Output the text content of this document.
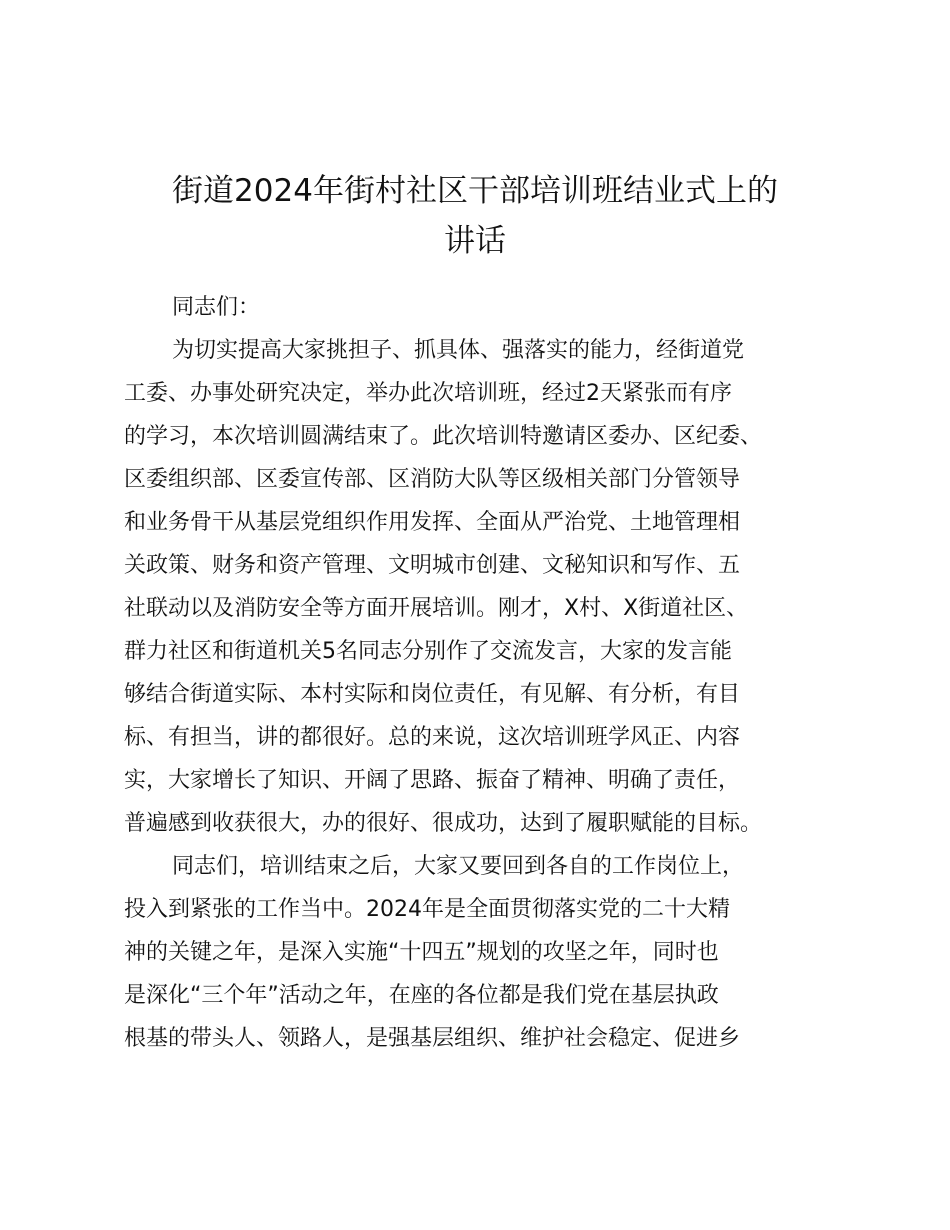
街道2024年街村社区干部培训班结业式上的
讲话
同志们：
为切实提高大家挑担子、抓具体、强落实的能力，经街道党
工委、办事处研究决定，举办此次培训班，经过2天紧张而有序
的学习，本次培训圆满结束了。此次培训特邀请区委办、区纪委、
区委组织部、区委宣传部、区消防大队等区级相关部门分管领导
和业务骨干从基层党组织作用发挥、全面从严治党、土地管理相
关政策、财务和资产管理、文明城市创建、文秘知识和写作、五
社联动以及消防安全等方面开展培训。刚才，X村、X街道社区、
群力社区和街道机关5名同志分别作了交流发言，大家的发言能
够结合街道实际、本村实际和岗位责任，有见解、有分析，有目
标、有担当，讲的都很好。总的来说，这次培训班学风正、内容
实，大家增长了知识、开阔了思路、振奋了精神、明确了责任，
普遍感到收获很大，办的很好、很成功，达到了履职赋能的目标。
同志们，培训结束之后，大家又要回到各自的工作岗位上，
投入到紧张的工作当中。2024年是全面贯彻落实党的二十大精
神的关键之年，是深入实施“十四五”规划的攻坚之年，同时也
是深化“三个年”活动之年，在座的各位都是我们党在基层执政
根基的带头人、领路人，是强基层组织、维护社会稳定、促进乡
